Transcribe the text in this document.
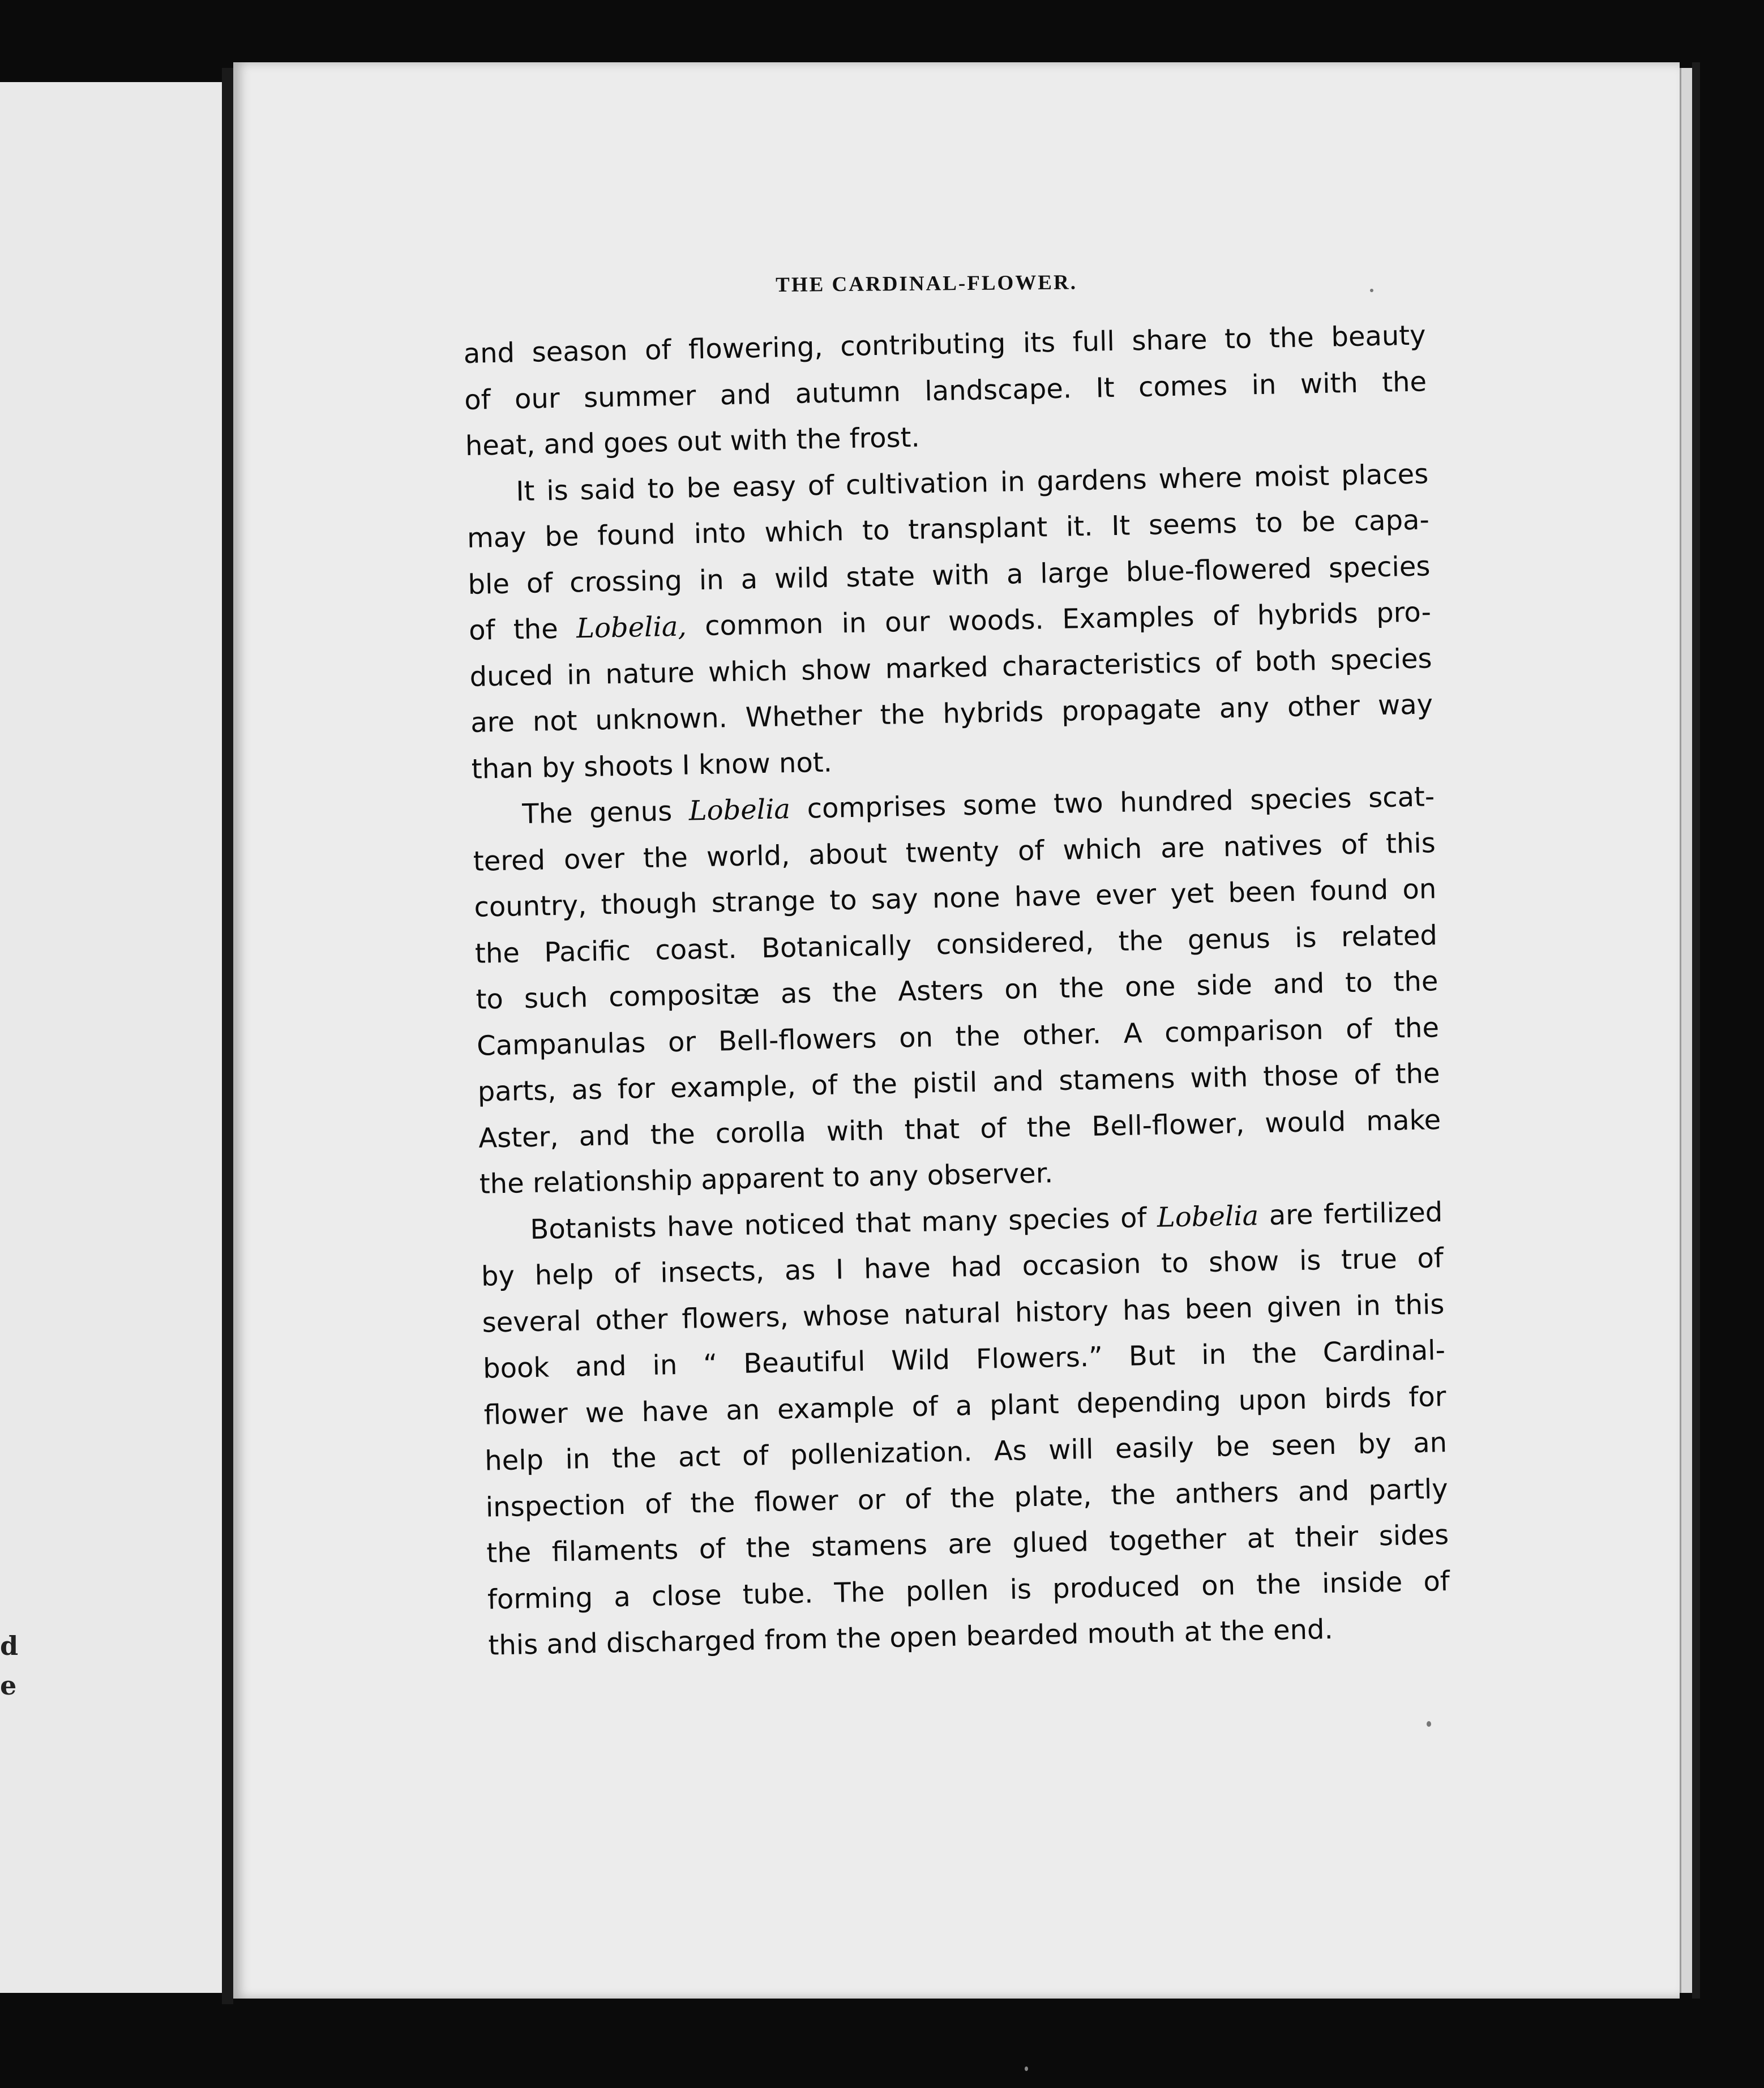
d
e
THE CARDINAL-FLOWER.
and season of flowering, contributing its full share to the beauty
of our summer and autumn landscape. It comes in with the
heat, and goes out with the frost.
It is said to be easy of cultivation in gardens where moist places
may be found into which to transplant it. It seems to be capa-
ble of crossing in a wild state with a large blue-flowered species
of the Lobelia, common in our woods. Examples of hybrids pro-
duced in nature which show marked characteristics of both species
are not unknown. Whether the hybrids propagate any other way
than by shoots I know not.
The genus Lobelia comprises some two hundred species scat-
tered over the world, about twenty of which are natives of this
country, though strange to say none have ever yet been found on
the Pacific coast. Botanically considered, the genus is related
to such compositæ as the Asters on the one side and to the
Campanulas or Bell-flowers on the other. A comparison of the
parts, as for example, of the pistil and stamens with those of the
Aster, and the corolla with that of the Bell-flower, would make
the relationship apparent to any observer.
Botanists have noticed that many species of Lobelia are fertilized
by help of insects, as I have had occasion to show is true of
several other flowers, whose natural history has been given in this
book and in “ Beautiful Wild Flowers.” But in the Cardinal-
flower we have an example of a plant depending upon birds for
help in the act of pollenization. As will easily be seen by an
inspection of the flower or of the plate, the anthers and partly
the filaments of the stamens are glued together at their sides
forming a close tube. The pollen is produced on the inside of
this and discharged from the open bearded mouth at the end.
